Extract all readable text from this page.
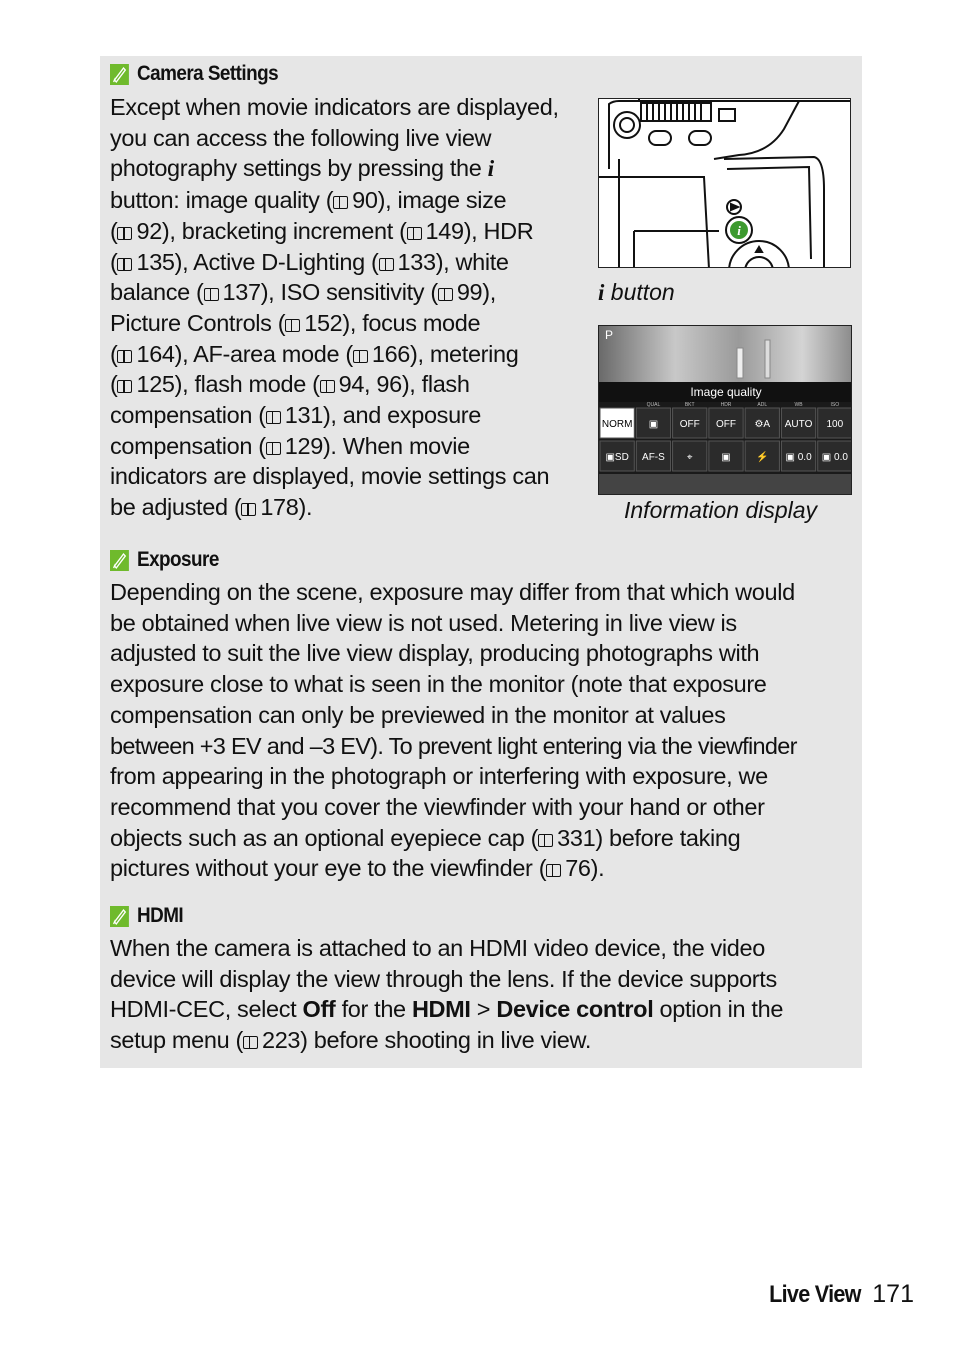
Camera Settings
Except when movie indicators are displayed,
you can access the following live view
photography settings by pressing the i
button: image quality ( 90), image size
( 92), bracketing increment ( 149), HDR
( 135), Active D-Lighting ( 133), white
balance ( 137), ISO sensitivity ( 99),
Picture Controls ( 152), focus mode
( 164), AF-area mode ( 166), metering
( 125), flash mode ( 94, 96), flash
compensation ( 131), and exposure
compensation ( 129). When movie
indicators are displayed, movie settings can
be adjusted ( 178).
i
i button
P
Image quality
QUAL	BKT	HDR	ADL	WB	ISO
NORM ▣ OFF OFF ⚙A AUTO 100
▣SD AF-S ⌖	▣	⚡ ▣ 0.0 ▣ 0.0
Information display
Exposure
Depending on the scene, exposure may differ from that which would
be obtained when live view is not used. Metering in live view is
adjusted to suit the live view display, producing photographs with
exposure close to what is seen in the monitor (note that exposure
compensation can only be previewed in the monitor at values
between +3 EV and –3 EV). To prevent light entering via the viewfinder
from appearing in the photograph or interfering with exposure, we
recommend that you cover the viewfinder with your hand or other
objects such as an optional eyepiece cap ( 331) before taking
pictures without your eye to the viewfinder ( 76).
HDMI
When the camera is attached to an HDMI video device, the video
device will display the view through the lens. If the device supports
HDMI-CEC, select Off for the HDMI > Device control option in the
setup menu ( 223) before shooting in live view.
Live View 171
